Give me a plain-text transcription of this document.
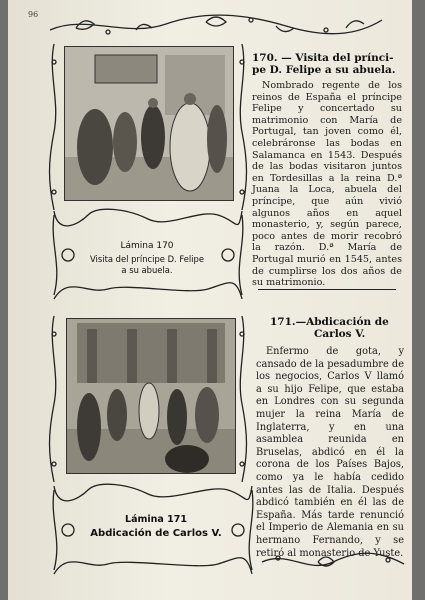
96
Lámina 170
Visita del príncipe D. Felipe
a su abuela.
170. — Visita del prínci-
pe D. Felipe a su abuela.

Nombrado regente de los reinos de España el príncipe Felipe y concertado su matrimonio con María de Portugal, tan joven como él, celebráronse las bodas en Salamanca en 1543. Después de las bodas visitaron juntos en Tordesillas a la reina D.ª Juana la Loca, abuela del príncipe, que aún vivió algunos años en aquel monasterio, y, según parece, poco antes de morir recobró la razón. D.ª María de Portugal murió en 1545, antes de cumplirse los dos años de su matrimonio.

Lámina 171
Abdicación de Carlos V.
171.—Abdicación de
Carlos V.

Enfermo de gota, y cansado de la pesadumbre de los negocios, Carlos V llamó a su hijo Felipe, que estaba en Londres con su segunda mujer la reina María de Inglaterra, y en una asamblea reunida en Bruselas, abdicó en él la corona de los Países Bajos, como ya le había cedido antes las de Italia. Después abdicó también en él las de España. Más tarde renunció el Imperio de Alemania en su hermano Fernando, y se retiró al monasterio de Yuste.
